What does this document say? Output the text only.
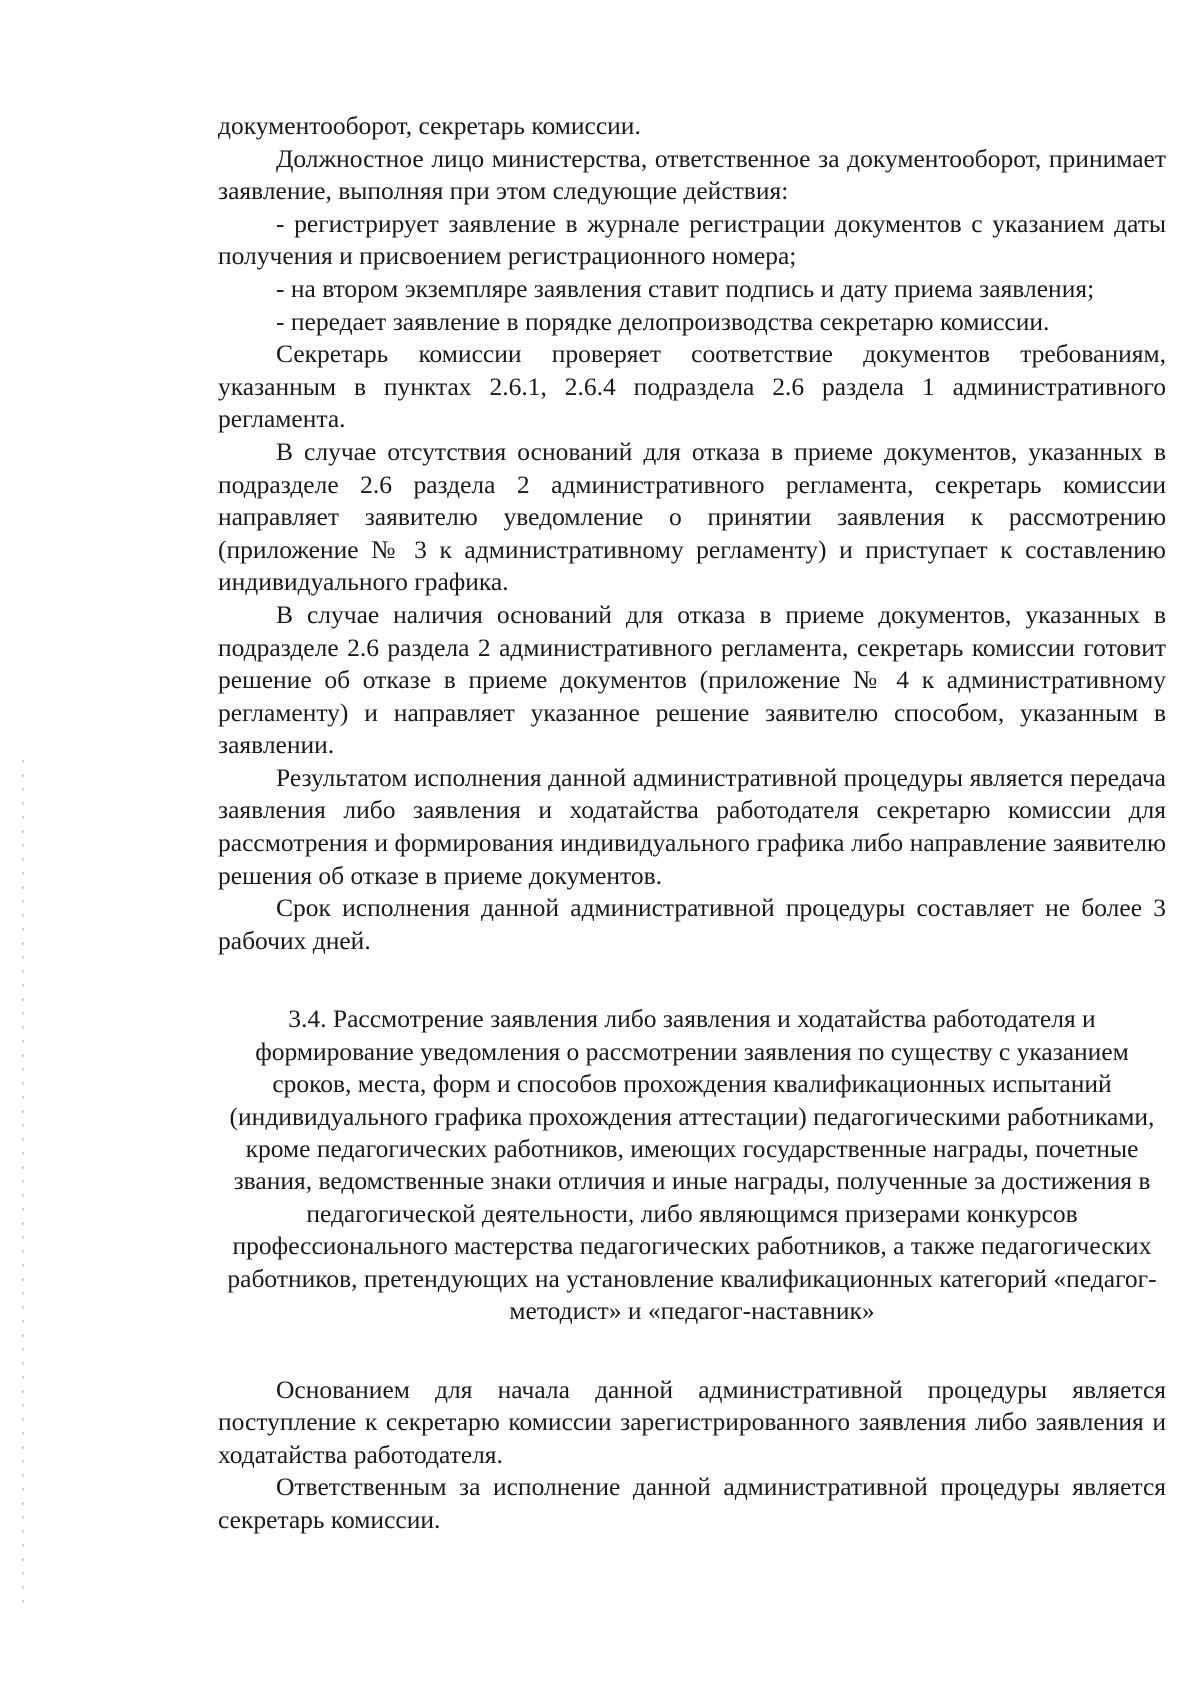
документооборот, секретарь комиссии.

Должностное лицо министерства, ответственное за документооборот, принимает заявление, выполняя при этом следующие действия:

- регистрирует заявление в журнале регистрации документов с указанием даты получения и присвоением регистрационного номера;

- на втором экземпляре заявления ставит подпись и дату приема заявления;

- передает заявление в порядке делопроизводства секретарю комиссии.

Секретарь комиссии проверяет соответствие документов требованиям, указанным в пунктах 2.6.1, 2.6.4 подраздела 2.6 раздела 1 административного регламента.

В случае отсутствия оснований для отказа в приеме документов, указанных в подразделе 2.6 раздела 2 административного регламента, секретарь комиссии направляет заявителю уведомление о принятии заявления к рассмотрению (приложение № 3 к административному регламенту) и приступает к составлению индивидуального графика.

В случае наличия оснований для отказа в приеме документов, указанных в подразделе 2.6 раздела 2 административного регламента, секретарь комиссии готовит решение об отказе в приеме документов (приложение № 4 к административному регламенту) и направляет указанное решение заявителю способом, указанным в заявлении.

Результатом исполнения данной административной процедуры является передача заявления либо заявления и ходатайства работодателя секретарю комиссии для рассмотрения и формирования индивидуального графика либо направление заявителю решения об отказе в приеме документов.

Срок исполнения данной административной процедуры составляет не более 3 рабочих дней.

3.4. Рассмотрение заявления либо заявления и ходатайства работодателя и формирование уведомления о рассмотрении заявления по существу с указанием сроков, места, форм и способов прохождения квалификационных испытаний (индивидуального графика прохождения аттестации) педагогическими работниками, кроме педагогических работников, имеющих государственные награды, почетные звания, ведомственные знаки отличия и иные награды, полученные за достижения в педагогической деятельности, либо являющимся призерами конкурсов профессионального мастерства педагогических работников, а также педагогических работников, претендующих на установление квалификационных категорий «педагог-методист» и «педагог-наставник»

Основанием для начала данной административной процедуры является поступление к секретарю комиссии зарегистрированного заявления либо заявления и ходатайства работодателя.

Ответственным за исполнение данной административной процедуры является секретарь комиссии.
